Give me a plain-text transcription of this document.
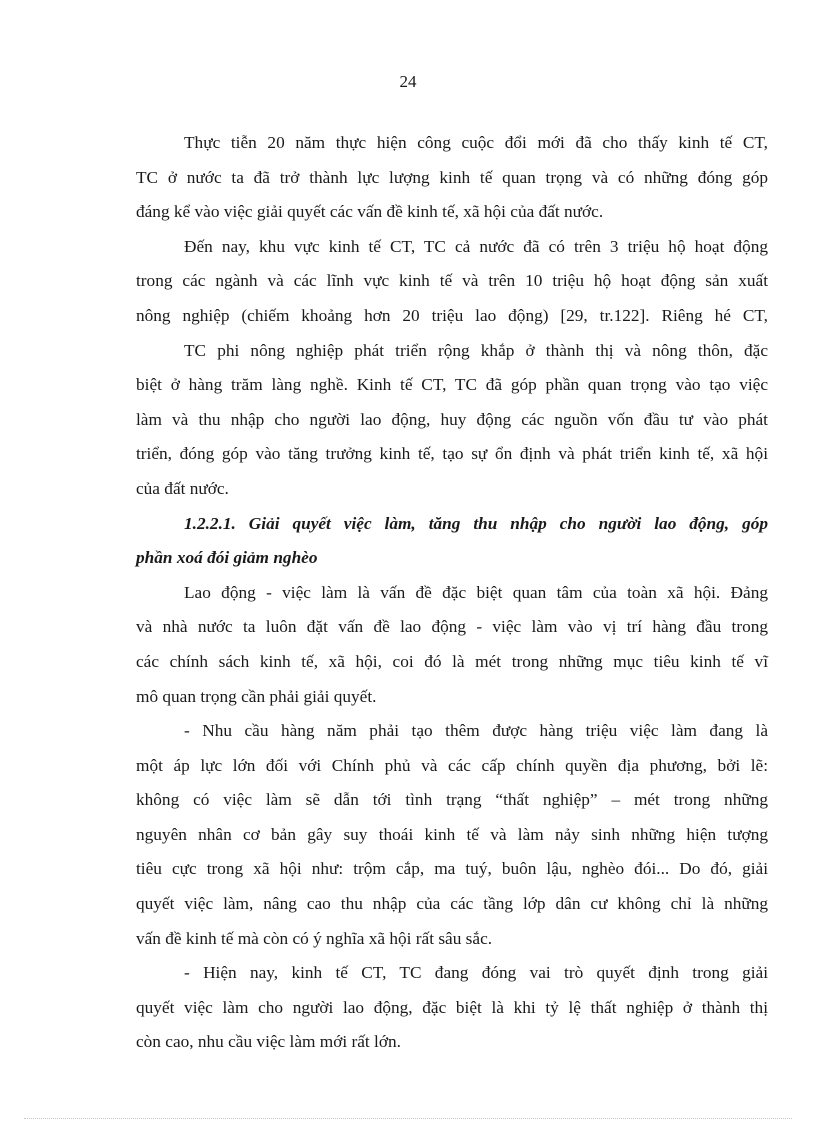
24
Thực tiễn 20 năm thực hiện công cuộc đổi mới đã cho thấy kinh tế CT,
TC ở nước ta đã trở thành lực lượng kinh tế quan trọng và có những đóng góp
đáng kể vào việc giải quyết các vấn đề kinh tế, xã hội của đất nước.
Đến nay, khu vực kinh tế CT, TC cả nước đã có trên 3 triệu hộ hoạt động
trong các ngành và các lĩnh vực kinh tế và trên 10 triệu hộ hoạt động sản xuất
nông nghiệp (chiếm khoảng hơn 20 triệu lao động) [29, tr.122]. Riêng hé CT,
TC phi nông nghiệp phát triển rộng khắp ở thành thị và nông thôn, đặc
biệt ở hàng trăm làng nghề. Kinh tế CT, TC đã góp phần quan trọng vào tạo việc
làm và thu nhập cho người lao động, huy động các nguồn vốn đầu tư vào phát
triển, đóng góp vào tăng trưởng kinh tế, tạo sự ổn định và phát triển kinh tế, xã hội
của đất nước.
1.2.2.1. Giải quyết việc làm, tăng thu nhập cho người lao động, góp
phần xoá đói giảm nghèo
Lao động - việc làm là vấn đề đặc biệt quan tâm của toàn xã hội. Đảng
và nhà nước ta luôn đặt vấn đề lao động - việc làm vào vị trí hàng đầu trong
các chính sách kinh tế, xã hội, coi đó là mét trong những mục tiêu kinh tế vĩ
mô quan trọng cần phải giải quyết.
- Nhu cầu hàng năm phải tạo thêm được hàng triệu việc làm đang là
một áp lực lớn đối với Chính phủ và các cấp chính quyền địa phương, bởi lẽ:
không có việc làm sẽ dẫn tới tình trạng “thất nghiệp” – mét trong những
nguyên nhân cơ bản gây suy thoái kinh tế và làm nảy sinh những hiện tượng
tiêu cực trong xã hội như: trộm cắp, ma tuý, buôn lậu, nghèo đói... Do đó, giải
quyết việc làm, nâng cao thu nhập của các tầng lớp dân cư không chỉ là những
vấn đề kinh tế mà còn có ý nghĩa xã hội rất sâu sắc.
- Hiện nay, kinh tế CT, TC đang đóng vai trò quyết định trong giải
quyết việc làm cho người lao động, đặc biệt là khi tỷ lệ thất nghiệp ở thành thị
còn cao, nhu cầu việc làm mới rất lớn.
